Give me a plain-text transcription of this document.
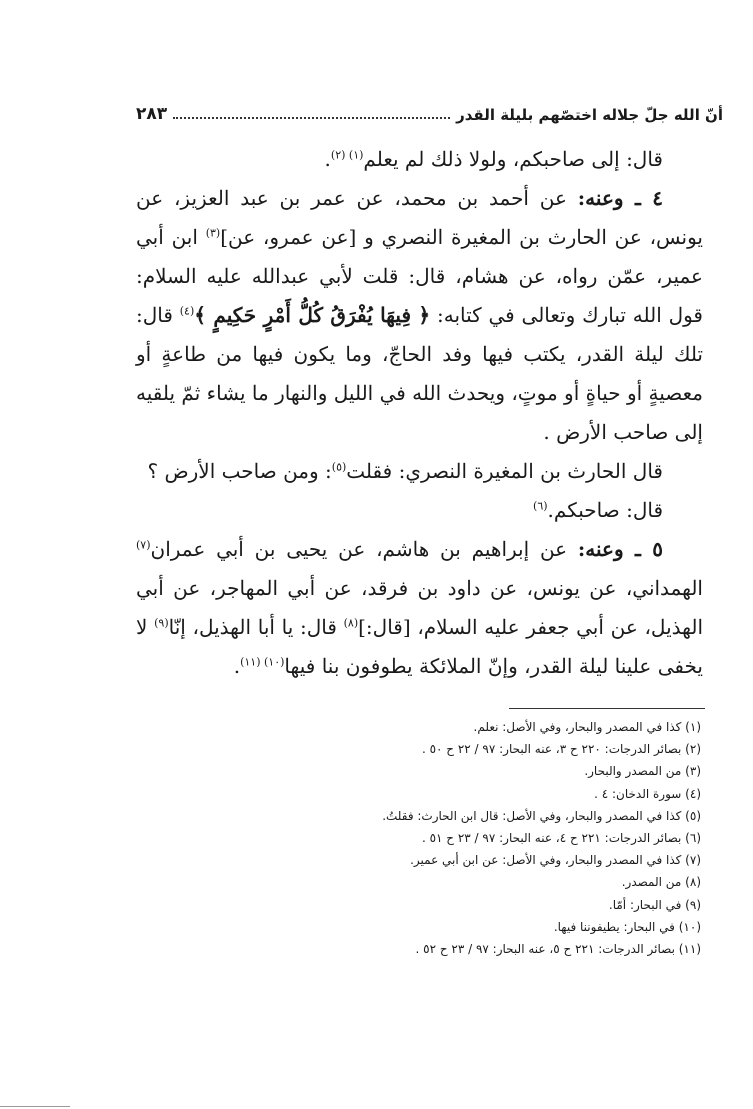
أنّ الله جلّ جلاله اختصّهم بليلة القدر
٢٨٣

قال: إلى صاحبكم، ولولا ذلك لم يعلم$^{(١) (٢)}$.

٤ ـ وعنه: عن أحمد بن محمد، عن عمر بن عبد العزيز، عن يونس، عن الحارث بن المغيرة النصري و [عن عمرو، عن]$^{(٣)}$ ابن أبي عمير، عمّن رواه، عن هشام، قال: قلت لأبي عبدالله عليه السلام: قول الله تبارك وتعالى في كتابه: ﴿ فِيهَا يُفْرَقُ كُلُّ أَمْرٍ حَكِيمٍ ﴾$^{(٤)}$ قال: تلك ليلة القدر، يكتب فيها وفد الحاجّ، وما يكون فيها من طاعةٍ أو معصيةٍ أو حياةٍ أو موتٍ، ويحدث الله في الليل والنهار ما يشاء ثمّ يلقيه إلى صاحب الأرض .

قال الحارث بن المغيرة النصري: فقلت$^{(٥)}$: ومن صاحب الأرض ؟

قال: صاحبكم.$^{(٦)}$

٥ ـ وعنه: عن إبراهيم بن هاشم، عن يحيى بن أبي عمران$^{(٧)}$ الهمداني، عن يونس، عن داود بن فرقد، عن أبي المهاجر، عن أبي الهذيل، عن أبي جعفر عليه السلام، [قال:]$^{(٨)}$ قال: يا أبا الهذيل، إنّا$^{(٩)}$ لا يخفى علينا ليلة القدر، وإنّ الملائكة يطوفون بنا فيها$^{(١٠) (١١)}$.

(١) كذا في المصدر والبحار، وفي الأصل: نعلم.
(٢) بصائر الدرجات: ٢٢٠ ح ٣، عنه البحار: ٩٧ / ٢٢ ح ٥٠ .
(٣) من المصدر والبحار.
(٤) سورة الدخان: ٤ .
(٥) كذا في المصدر والبحار، وفي الأصل: قال ابن الحارث: فقلتُ.
(٦) بصائر الدرجات: ٢٢١ ح ٤، عنه البحار: ٩٧ / ٢٣ ح ٥١ .
(٧) كذا في المصدر والبحار، وفي الأصل: عن ابن أبي عمير.
(٨) من المصدر.
(٩) في البحار: أمّا.
(١٠) في البحار: يطيفوننا فيها.
(١١) بصائر الدرجات: ٢٢١ ح ٥، عنه البحار: ٩٧ / ٢٣ ح ٥٢ .
